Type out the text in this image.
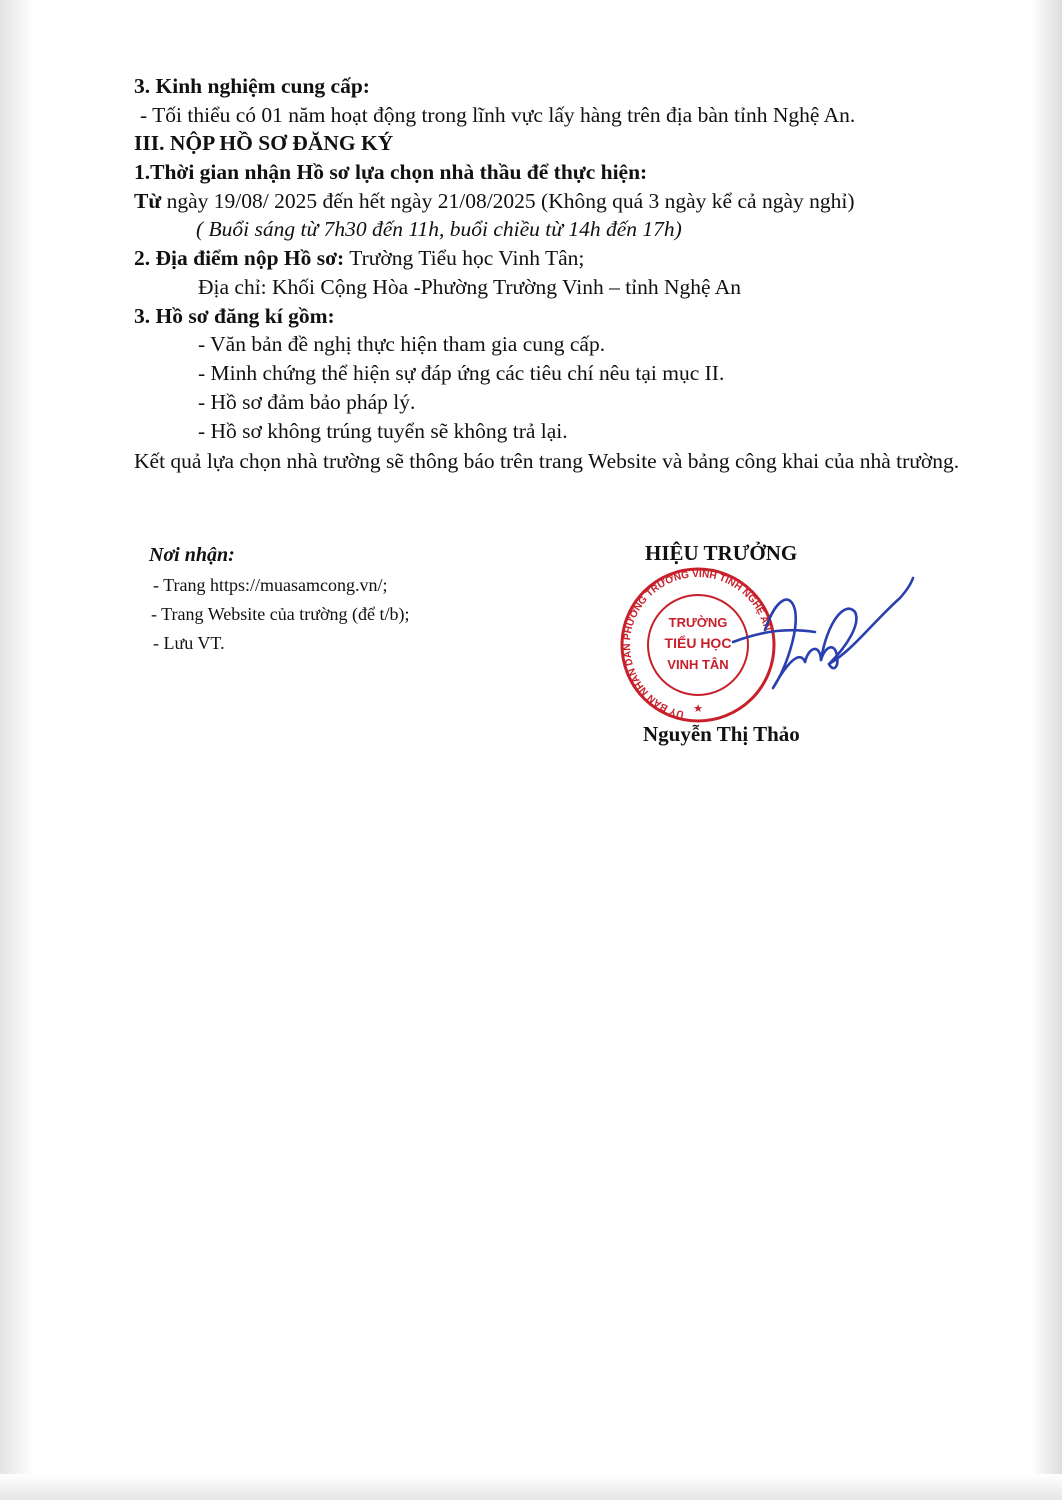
3. Kinh nghiệm cung cấp:
- Tối thiểu có 01 năm hoạt động trong lĩnh vực lấy hàng trên địa bàn tỉnh Nghệ An.
III. NỘP HỒ SƠ ĐĂNG KÝ
1.Thời gian nhận Hồ sơ lựa chọn nhà thầu để thực hiện:
Từ ngày 19/08/ 2025 đến hết ngày 21/08/2025 (Không quá 3 ngày kể cả ngày nghỉ)
( Buổi sáng từ 7h30 đến 11h, buổi chiều từ 14h đến 17h)
2. Địa điểm nộp Hồ sơ: Trường Tiểu học Vinh Tân;
Địa chỉ: Khối Cộng Hòa -Phường Trường Vinh – tỉnh Nghệ An
3. Hồ sơ đăng kí gồm:
- Văn bản đề nghị thực hiện tham gia cung cấp.
- Minh chứng thể hiện sự đáp ứng các tiêu chí nêu tại mục II.
- Hồ sơ đảm bảo pháp lý.
- Hồ sơ không trúng tuyển sẽ không trả lại.
Kết quả lựa chọn nhà trường sẽ thông báo trên trang Website và bảng công khai của nhà trường.
Nơi nhận:
- Trang https://muasamcong.vn/;
- Trang Website của trường (để t/b);
- Lưu VT.
HIỆU TRƯỞNG
UỶ BAN NHÂN DÂN PHƯỜNG TRƯỜNG VINH TỈNH NGHỆ AN
TRƯỜNG
TIỂU HỌC
VINH TÂN
★
Nguyễn Thị Thảo
